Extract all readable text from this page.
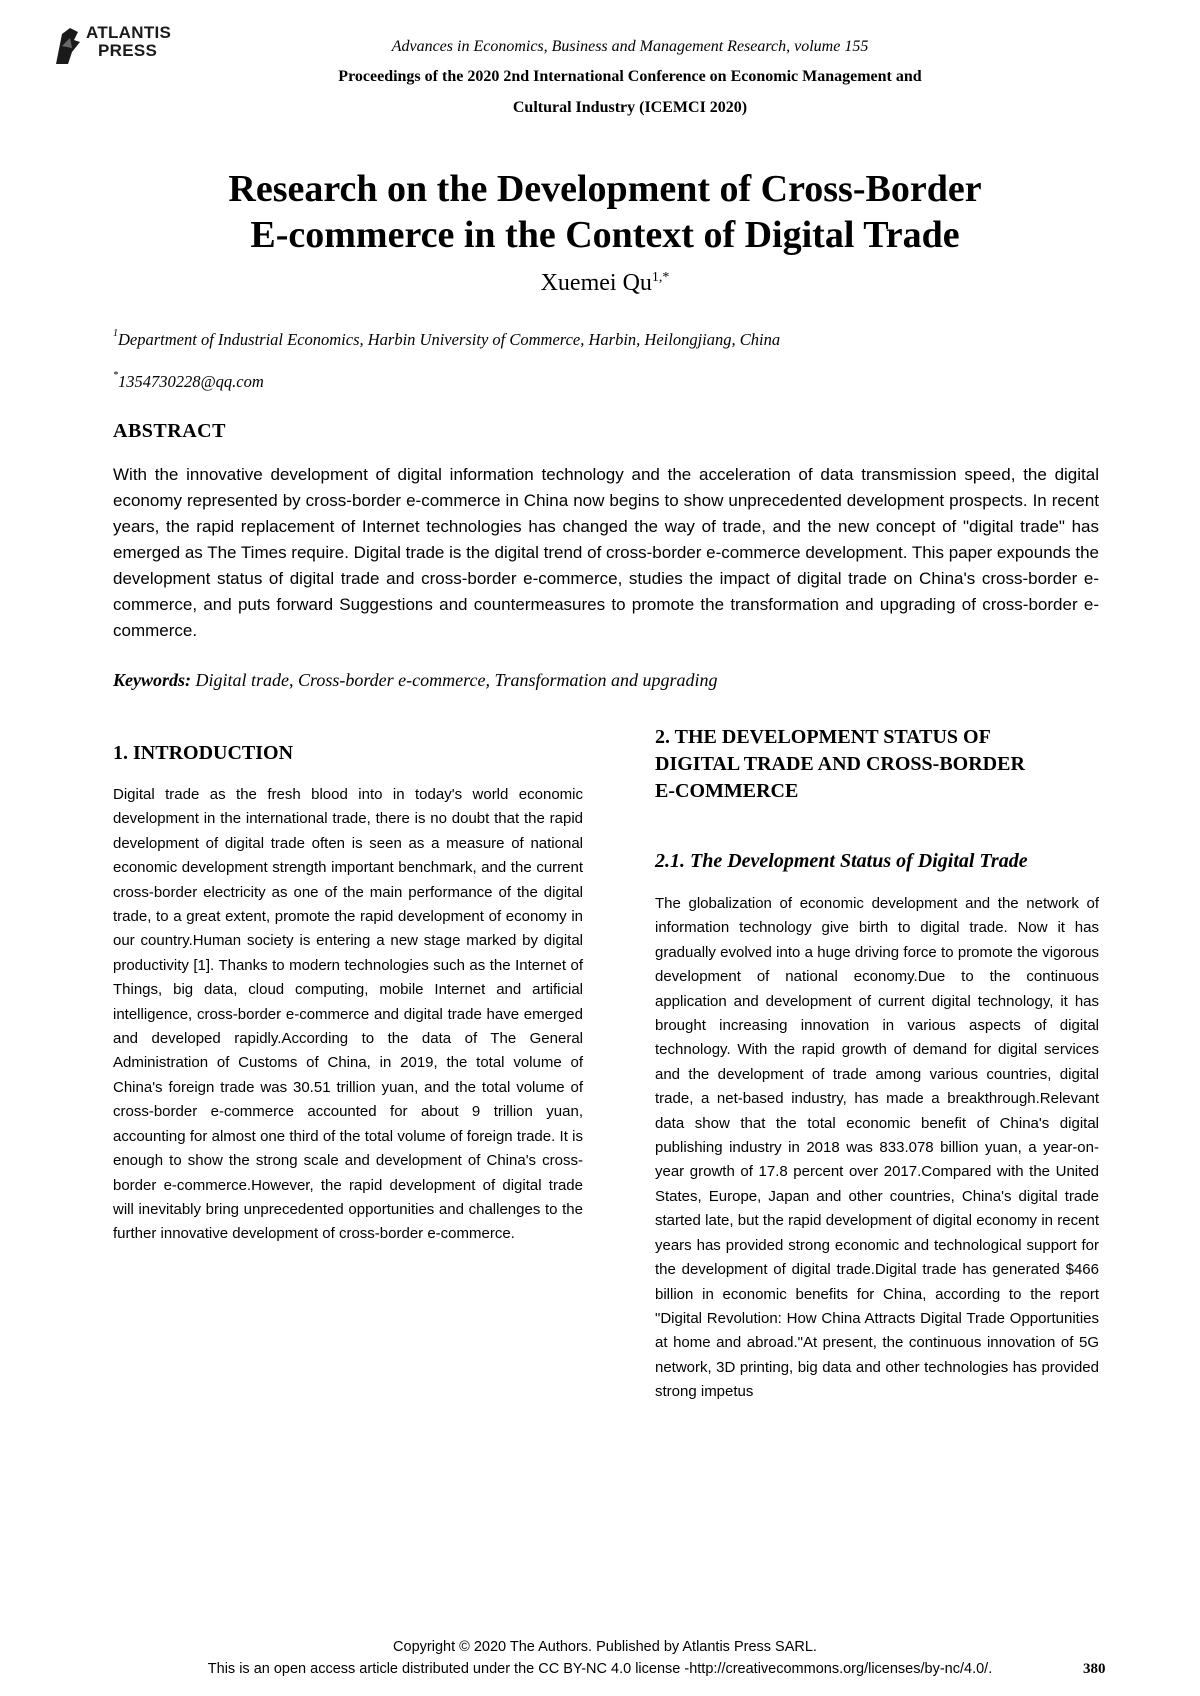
ATLANTIS
PRESS	Advances in Economics, Business and Management Research, volume 155
Proceedings of the 2020 2nd International Conference on Economic Management and
Cultural Industry (ICEMCI 2020)
Research on the Development of Cross-Border
E-commerce in the Context of Digital Trade
Xuemei $Qu^{1,*}$
$^1$Department of Industrial Economics, Harbin University of Commerce, Harbin, Heilongjiang, China
*1354730228@qq.com
ABSTRACT
With the innovative development of digital information technology and the acceleration of data transmission speed, the digital economy represented by cross-border e-commerce in China now begins to show unprecedented development prospects. In recent years, the rapid replacement of Internet technologies has changed the way of trade, and the new concept of "digital trade" has emerged as The Times require. Digital trade is the digital trend of cross-border e-commerce development. This paper expounds the development status of digital trade and cross-border e-commerce, studies the impact of digital trade on China's cross-border e-commerce, and puts forward Suggestions and countermeasures to promote the transformation and upgrading of cross-border e-commerce.
Keywords: Digital trade, Cross-border e-commerce, Transformation and upgrading
1. INTRODUCTION
Digital trade as the fresh blood into in today's world economic development in the international trade, there is no doubt that the rapid development of digital trade often is seen as a measure of national economic development strength important benchmark, and the current cross-border electricity as one of the main performance of the digital trade, to a great extent, promote the rapid development of economy in our country.Human society is entering a new stage marked by digital productivity [1]. Thanks to modern technologies such as the Internet of Things, big data, cloud computing, mobile Internet and artificial intelligence, cross-border e-commerce and digital trade have emerged and developed rapidly.According to the data of The General Administration of Customs of China, in 2019, the total volume of China's foreign trade was 30.51 trillion yuan, and the total volume of cross-border e-commerce accounted for about 9 trillion yuan, accounting for almost one third of the total volume of foreign trade. It is enough to show the strong scale and development of China's cross-border e-commerce.However, the rapid development of digital trade will inevitably bring unprecedented opportunities and challenges to the further innovative development of cross-border e-commerce.
2. THE DEVELOPMENT STATUS OF
DIGITAL TRADE AND CROSS-BORDER
E-COMMERCE
2.1. The Development Status of Digital Trade
The globalization of economic development and the network of information technology give birth to digital trade. Now it has gradually evolved into a huge driving force to promote the vigorous development of national economy.Due to the continuous application and development of current digital technology, it has brought increasing innovation in various aspects of digital technology. With the rapid growth of demand for digital services and the development of trade among various countries, digital trade, a net-based industry, has made a breakthrough.Relevant data show that the total economic benefit of China's digital publishing industry in 2018 was 833.078 billion yuan, a year-on-year growth of 17.8 percent over 2017.Compared with the United States, Europe, Japan and other countries, China's digital trade started late, but the rapid development of digital economy in recent years has provided strong economic and technological support for the development of digital trade.Digital trade has generated $466 billion in economic benefits for China, according to the report "Digital Revolution: How China Attracts Digital Trade Opportunities at home and abroad."At present, the continuous innovation of 5G network, 3D printing, big data and other technologies has provided strong impetus
Copyright © 2020 The Authors. Published by Atlantis Press SARL.
This is an open access article distributed under the CC BY-NC 4.0 license -http://creativecommons.org/licenses/by-nc/4.0/.	380
